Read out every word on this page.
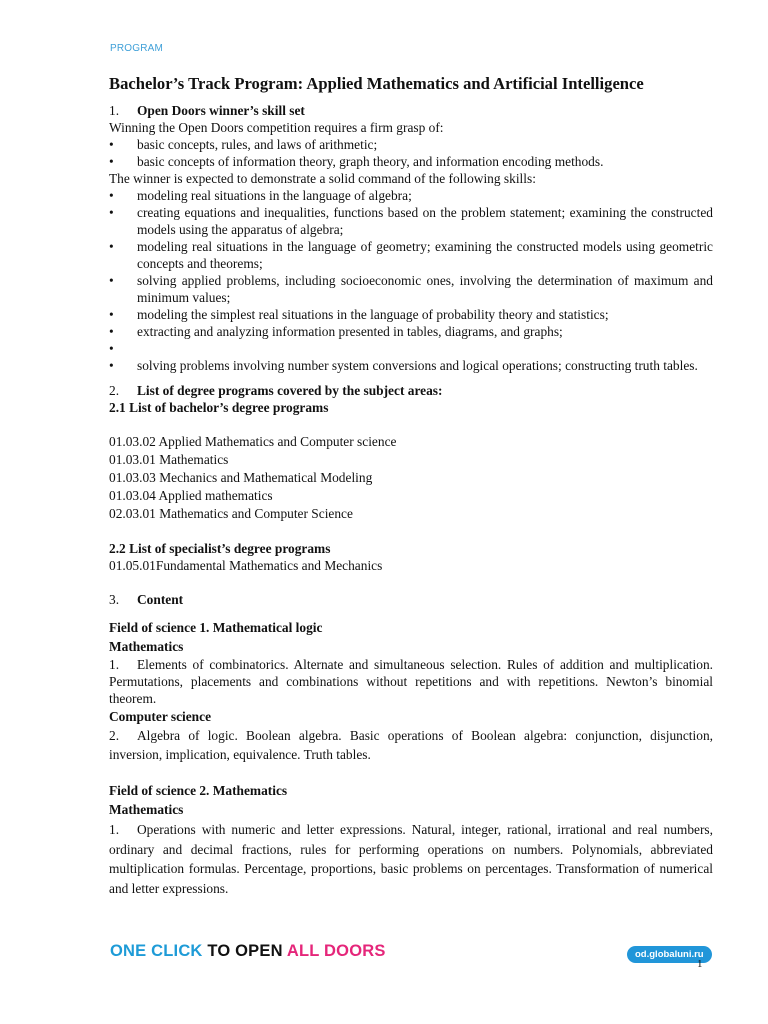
PROGRAM
Bachelor’s Track Program: Applied Mathematics and Artificial Intelligence

1. Open Doors winner’s skill set

Winning the Open Doors competition requires a firm grasp of:

• basic concepts, rules, and laws of arithmetic;
• basic concepts of information theory, graph theory, and information encoding methods.

The winner is expected to demonstrate a solid command of the following skills:

• modeling real situations in the language of algebra;
• creating equations and inequalities, functions based on the problem statement; examining the constructed models using the apparatus of algebra;
• modeling real situations in the language of geometry; examining the constructed models using geometric concepts and theorems;
• solving applied problems, including socioeconomic ones, involving the determination of maximum and minimum values;
• modeling the simplest real situations in the language of probability theory and statistics;
• extracting and analyzing information presented in tables, diagrams, and graphs;
•
• solving problems involving number system conversions and logical operations; constructing truth tables.

2. List of degree programs covered by the subject areas:

2.1 List of bachelor’s degree programs

01.03.02 Applied Mathematics and Computer science

01.03.01 Mathematics

01.03.03 Mechanics and Mathematical Modeling

01.03.04 Applied mathematics

02.03.01 Mathematics and Computer Science

2.2 List of specialist’s degree programs

01.05.01Fundamental Mathematics and Mechanics

3. Content

Field of science 1. Mathematical logic

Mathematics

1. Elements of combinatorics. Alternate and simultaneous selection. Rules of addition and multiplication. Permutations, placements and combinations without repetitions and with repetitions. Newton’s binomial theorem.

Computer science

2. Algebra of logic. Boolean algebra. Basic operations of Boolean algebra: conjunction, disjunction, inversion, implication, equivalence. Truth tables.

Field of science 2. Mathematics

Mathematics

1. Operations with numeric and letter expressions. Natural, integer, rational, irrational and real numbers, ordinary and decimal fractions, rules for performing operations on numbers. Polynomials, abbreviated multiplication formulas. Percentage, proportions, basic problems on percentages. Transformation of numerical and letter expressions.

ONE CLICK TO OPEN ALL DOORS	od.globaluni.ru
1
